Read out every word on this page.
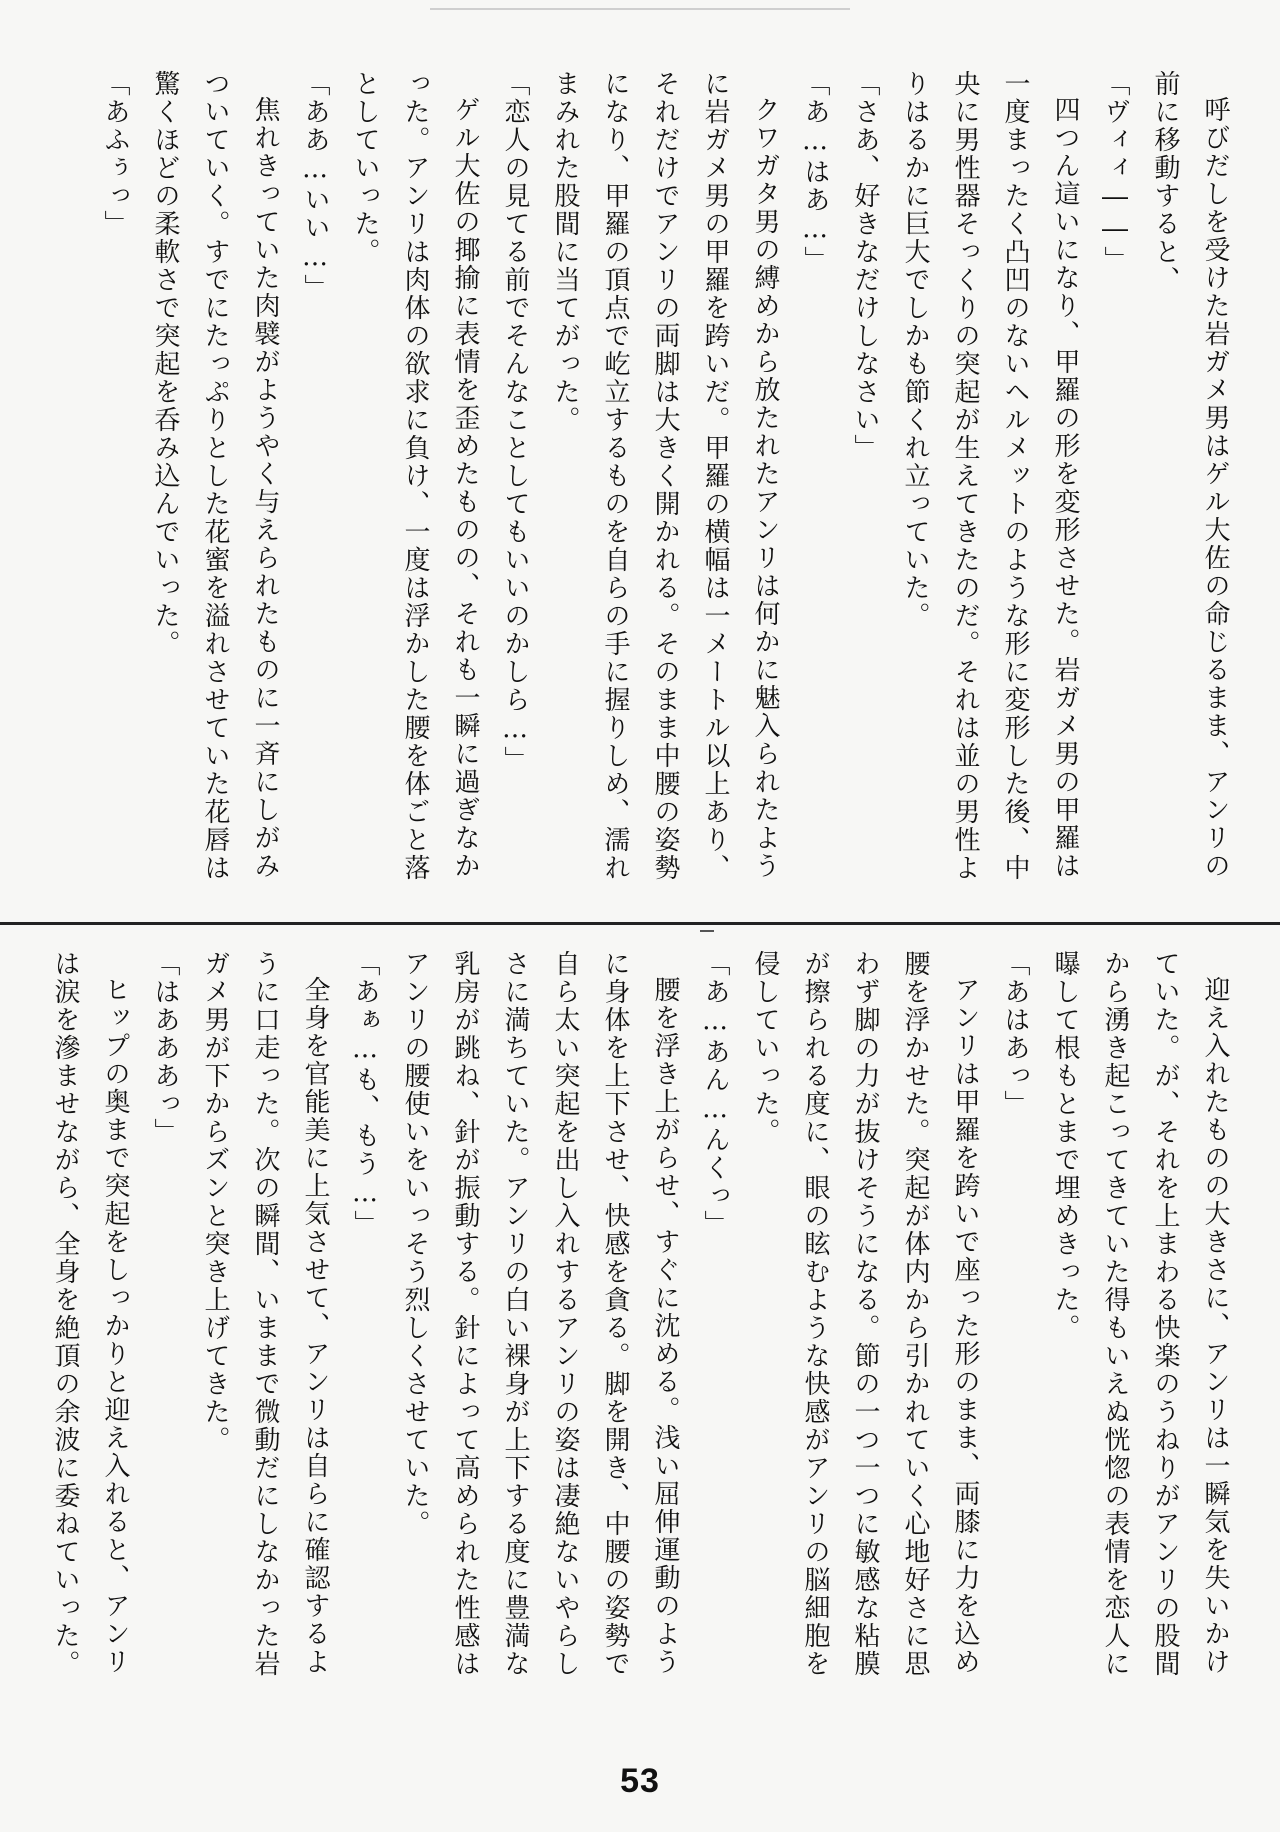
呼びだしを受けた岩ガメ男はゲル大佐の命じるまま、アンリの前に移動すると、

「ヴィィ――」

四つん這いになり、甲羅の形を変形させた。岩ガメ男の甲羅は一度まったく凸凹のないヘルメットのような形に変形した後、中央に男性器そっくりの突起が生えてきたのだ。それは並の男性よりはるかに巨大でしかも節くれ立っていた。

「さあ、好きなだけしなさい」

「あ…はあ…」

クワガタ男の縛めから放たれたアンリは何かに魅入られたように岩ガメ男の甲羅を跨いだ。甲羅の横幅は一メートル以上あり、それだけでアンリの両脚は大きく開かれる。そのまま中腰の姿勢になり、甲羅の頂点で屹立するものを自らの手に握りしめ、濡れまみれた股間に当てがった。

「恋人の見てる前でそんなことしてもいいのかしら…」

ゲル大佐の揶揄に表情を歪めたものの、それも一瞬に過ぎなかった。アンリは肉体の欲求に負け、一度は浮かした腰を体ごと落としていった。

「ああ…いい…」

焦れきっていた肉襞がようやく与えられたものに一斉にしがみついていく。すでにたっぷりとした花蜜を溢れさせていた花唇は驚くほどの柔軟さで突起を呑み込んでいった。

「あふぅっ」

迎え入れたものの大きさに、アンリは一瞬気を失いかけていた。が、それを上まわる快楽のうねりがアンリの股間から湧き起こってきていた得もいえぬ恍惚の表情を恋人に曝して根もとまで埋めきった。

「あはあっ」

アンリは甲羅を跨いで座った形のまま、両膝に力を込め腰を浮かせた。突起が体内から引かれていく心地好さに思わず脚の力が抜けそうになる。節の一つ一つに敏感な粘膜が擦られる度に、眼の眩むような快感がアンリの脳細胞を侵していった。

「あ…あん…んくっ」

腰を浮き上がらせ、すぐに沈める。浅い屈伸運動のように身体を上下させ、快感を貪る。脚を開き、中腰の姿勢で自ら太い突起を出し入れするアンリの姿は凄絶ないやらしさに満ちていた。アンリの白い裸身が上下する度に豊満な乳房が跳ね、針が振動する。針によって高められた性感はアンリの腰使いをいっそう烈しくさせていた。

「あぁ…も、もう…」

全身を官能美に上気させて、アンリは自らに確認するように口走った。次の瞬間、いままで微動だにしなかった岩ガメ男が下からズンと突き上げてきた。

「はあああっ」

ヒップの奥まで突起をしっかりと迎え入れると、アンリは涙を滲ませながら、全身を絶頂の余波に委ねていった。

53
